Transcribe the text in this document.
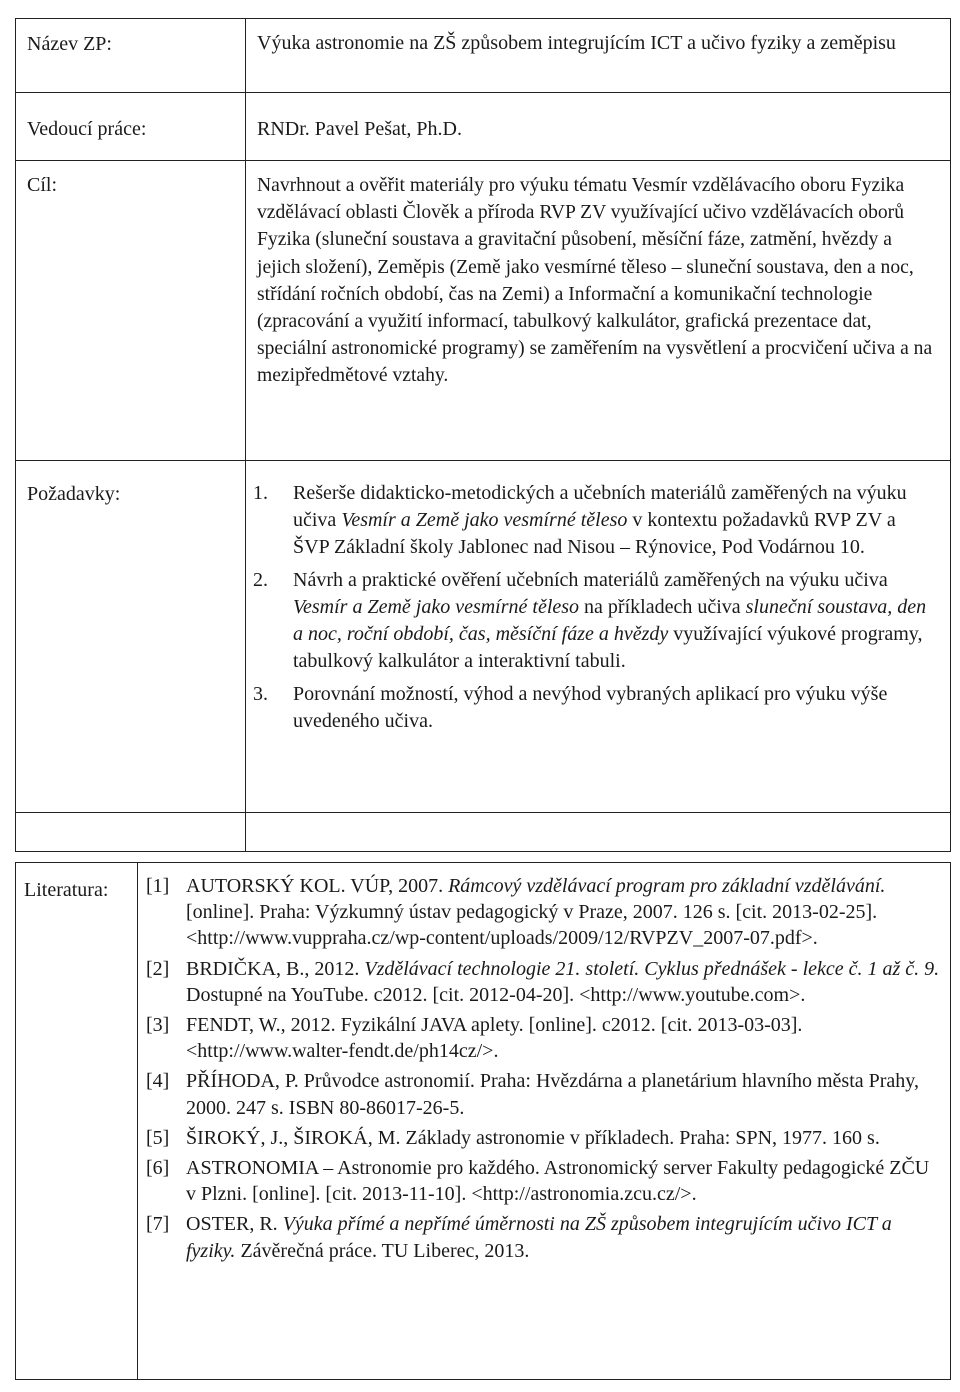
Název ZP:	Výuka astronomie na ZŠ způsobem integrujícím ICT a učivo fyziky a zeměpisu
Vedoucí práce:	RNDr. Pavel Pešat, Ph.D.
Cíl:	Navrhnout a ověřit materiály pro výuku tématu Vesmír vzdělávacího oboru Fyzika vzdělávací oblasti Člověk a příroda RVP ZV využívající učivo vzdělávacích oborů Fyzika (sluneční soustava a gravitační působení, měsíční fáze, zatmění, hvězdy a jejich složení), Zeměpis (Země jako vesmírné těleso – sluneční soustava, den a noc, střídání ročních období, čas na Zemi) a Informační a komunikační technologie (zpracování a využití informací, tabulkový kalkulátor, grafická prezentace dat, speciální astronomické programy) se zaměřením na vysvětlení a procvičení učiva a na mezipředmětové vztahy.
Požadavky:	1. Rešerše didakticko-metodických a učebních materiálů zaměřených na výuku učiva Vesmír a Země jako vesmírné těleso v kontextu požadavků RVP ZV a ŠVP Základní školy Jablonec nad Nisou – Rýnovice, Pod Vodárnou 10.
2. Návrh a praktické ověření učebních materiálů zaměřených na výuku učiva Vesmír a Země jako vesmírné těleso na příkladech učiva sluneční soustava, den a noc, roční období, čas, měsíční fáze a hvězdy využívající výukové programy, tabulkový kalkulátor a interaktivní tabuli.
3. Porovnání možností, výhod a nevýhod vybraných aplikací pro výuku výše uvedeného učiva.
Literatura: [1] AUTORSKÝ KOL. VÚP, 2007. Rámcový vzdělávací program pro základní vzdělávání. [online]. Praha: Výzkumný ústav pedagogický v Praze, 2007. 126 s. [cit. 2013-02-25]. <http://www.vuppraha.cz/wp-content/uploads/2009/12/RVPZV_2007-07.pdf>.
[2] BRDIČKA, B., 2012. Vzdělávací technologie 21. století. Cyklus přednášek - lekce č. 1 až č. 9. Dostupné na YouTube. c2012. [cit. 2012-04-20]. <http://www.youtube.com>.
[3] FENDT, W., 2012. Fyzikální JAVA aplety. [online]. c2012. [cit. 2013-03-03]. <http://www.walter-fendt.de/ph14cz/>.
[4] PŘÍHODA, P. Průvodce astronomií. Praha: Hvězdárna a planetárium hlavního města Prahy, 2000. 247 s. ISBN 80-86017-26-5.
[5] ŠIROKÝ, J., ŠIROKÁ, M. Základy astronomie v příkladech. Praha: SPN, 1977. 160 s.
[6] ASTRONOMIA – Astronomie pro každého. Astronomický server Fakulty pedagogické ZČU v Plzni. [online]. [cit. 2013-11-10]. <http://astronomia.zcu.cz/>.
[7] OSTER, R. Výuka přímé a nepřímé úměrnosti na ZŠ způsobem integrujícím učivo ICT a fyziky. Závěrečná práce. TU Liberec, 2013.
